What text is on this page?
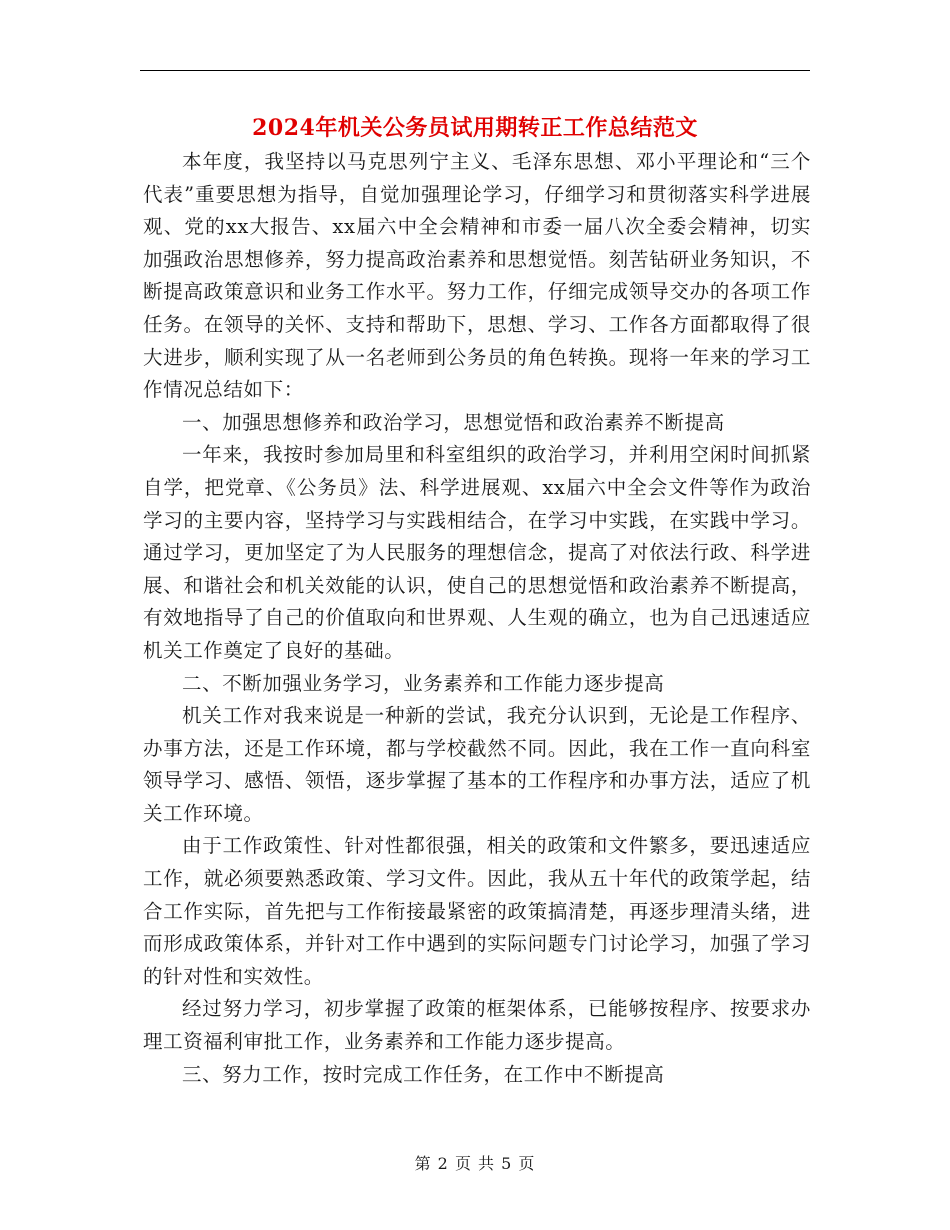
2024年机关公务员试用期转正工作总结范文

本年度，我坚持以马克思列宁主义、毛泽东思想、邓小平理论和“三个代表”重要思想为指导，自觉加强理论学习，仔细学习和贯彻落实科学进展观、党的xx大报告、xx届六中全会精神和市委一届八次全委会精神，切实加强政治思想修养，努力提高政治素养和思想觉悟。刻苦钻研业务知识，不断提高政策意识和业务工作水平。努力工作，仔细完成领导交办的各项工作任务。在领导的关怀、支持和帮助下，思想、学习、工作各方面都取得了很大进步，顺利实现了从一名老师到公务员的角色转换。现将一年来的学习工作情况总结如下：

一、加强思想修养和政治学习，思想觉悟和政治素养不断提高

一年来，我按时参加局里和科室组织的政治学习，并利用空闲时间抓紧自学，把党章、《公务员》法、科学进展观、xx届六中全会文件等作为政治学习的主要内容，坚持学习与实践相结合，在学习中实践，在实践中学习。通过学习，更加坚定了为人民服务的理想信念，提高了对依法行政、科学进展、和谐社会和机关效能的认识，使自己的思想觉悟和政治素养不断提高，有效地指导了自己的价值取向和世界观、人生观的确立，也为自己迅速适应机关工作奠定了良好的基础。

二、不断加强业务学习，业务素养和工作能力逐步提高

机关工作对我来说是一种新的尝试，我充分认识到，无论是工作程序、办事方法，还是工作环境，都与学校截然不同。因此，我在工作一直向科室领导学习、感悟、领悟，逐步掌握了基本的工作程序和办事方法，适应了机关工作环境。

由于工作政策性、针对性都很强，相关的政策和文件繁多，要迅速适应工作，就必须要熟悉政策、学习文件。因此，我从五十年代的政策学起，结合工作实际，首先把与工作衔接最紧密的政策搞清楚，再逐步理清头绪，进而形成政策体系，并针对工作中遇到的实际问题专门讨论学习，加强了学习的针对性和实效性。

经过努力学习，初步掌握了政策的框架体系，已能够按程序、按要求办理工资福利审批工作，业务素养和工作能力逐步提高。

三、努力工作，按时完成工作任务，在工作中不断提高

第 2 页 共 5 页
